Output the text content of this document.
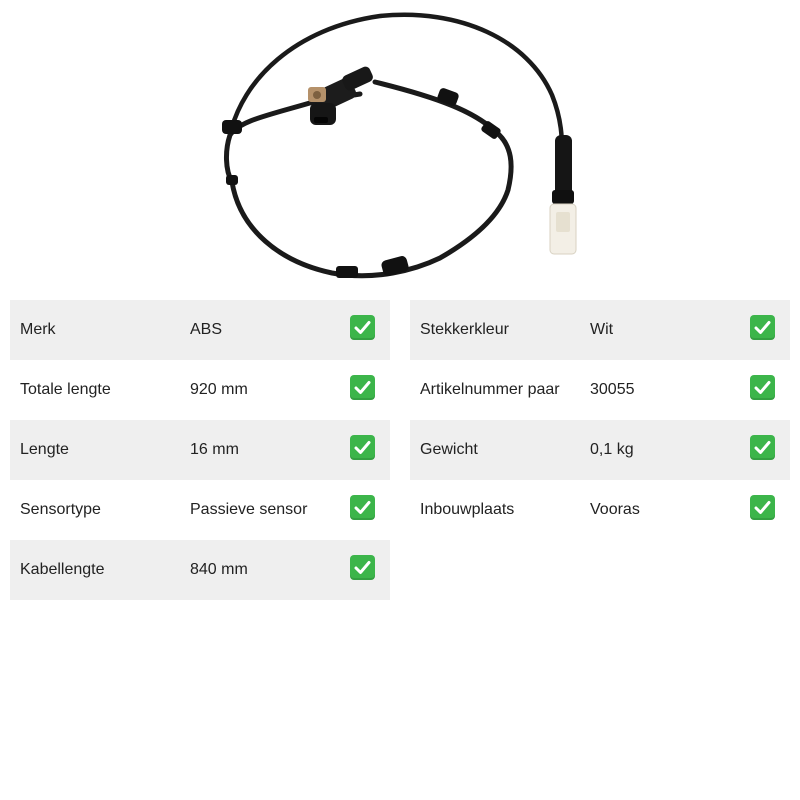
Merk	ABS
Totale lengte	920 mm
Lengte	16 mm
Sensortype	Passieve sensor
Kabellengte	840 mm
Stekkerkleur	Wit
Artikelnummer paar 30055
Gewicht	0,1 kg
Inbouwplaats	Vooras
